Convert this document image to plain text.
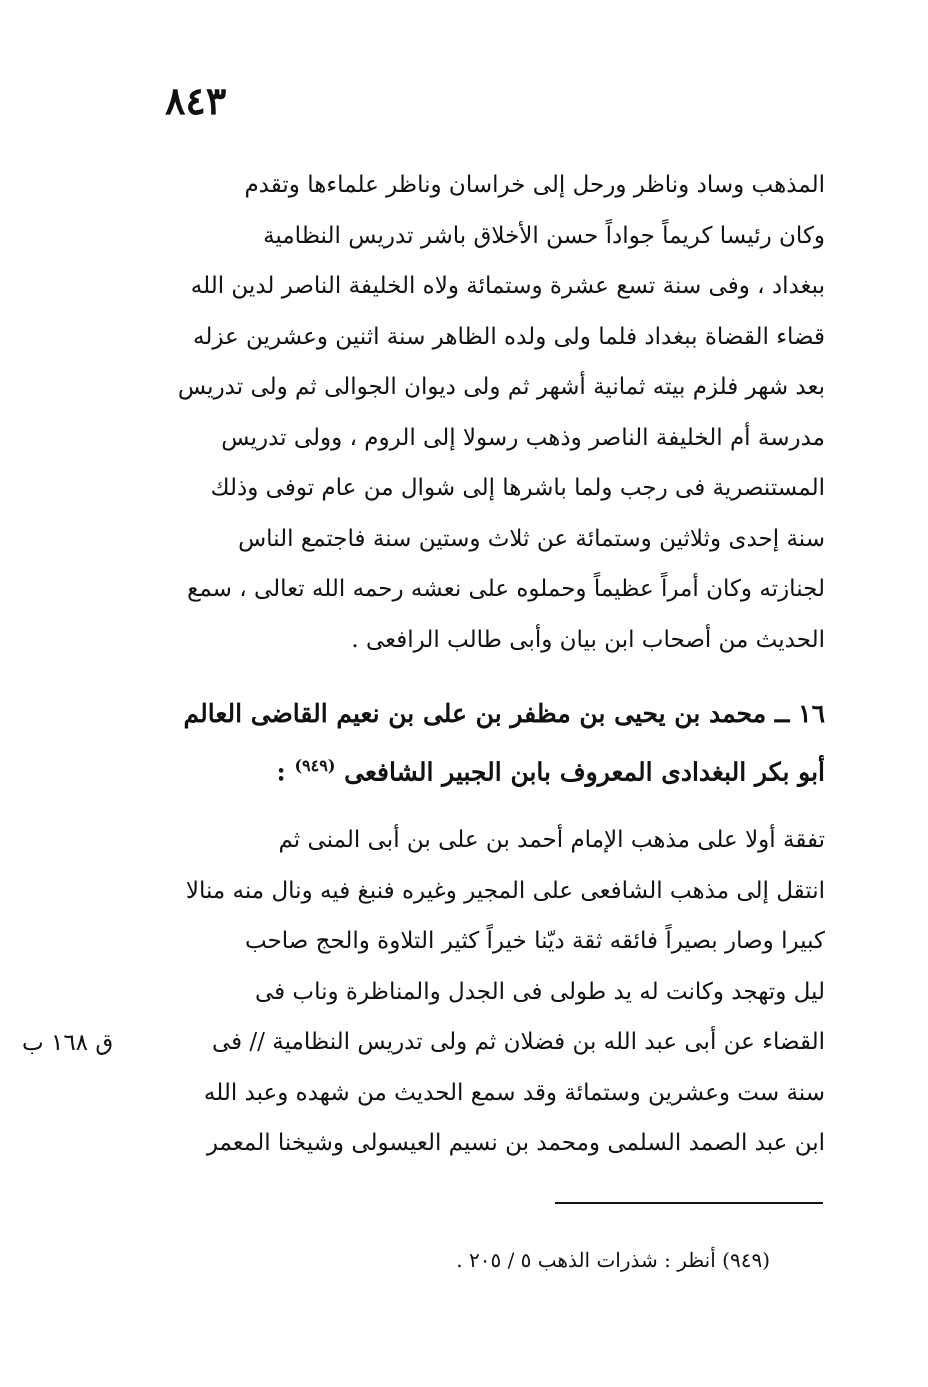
٨٤٣
المذهب وساد وناظر ورحل إلى خراسان وناظر علماءها وتقدم
وكان رئيسا كريماً جواداً حسن الأخلاق باشر تدريس النظامية
ببغداد ، وفى سنة تسع عشرة وستمائة ولاه الخليفة الناصر لدين الله
قضاء القضاة ببغداد فلما ولى ولده الظاهر سنة اثنين وعشرين عزله
بعد شهر فلزم بيته ثمانية أشهر ثم ولى ديوان الجوالى ثم ولى تدريس
مدرسة أم الخليفة الناصر وذهب رسولا إلى الروم ، وولى تدريس
المستنصرية فى رجب ولما باشرها إلى شوال من عام توفى وذلك
سنة إحدى وثلاثين وستمائة عن ثلاث وستين سنة فاجتمع الناس
لجنازته وكان أمراً عظيماً وحملوه على نعشه رحمه الله تعالى ، سمع
الحديث من أصحاب ابن بيان وأبى طالب الرافعى .
١٦ ــ محمد بن يحيى بن مظفر بن على بن نعيم القاضى العالم
أبو بكر البغدادى المعروف بابن الجبير الشافعى $^{(٩٤٩)}$ :
تفقة أولا على مذهب الإمام أحمد بن على بن أبى المنى ثم
انتقل إلى مذهب الشافعى على المجير وغيره فنبغ فيه ونال منه منالا
كبيرا وصار بصيراً فائقه ثقة ديّنا خيراً كثير التلاوة والحج صاحب
ليل وتهجد وكانت له يد طولى فى الجدل والمناظرة وناب فى
القضاء عن أبى عبد الله بن فضلان ثم ولى تدريس النظامية // فى
سنة ست وعشرين وستمائة وقد سمع الحديث من شهده وعبد الله
ابن عبد الصمد السلمى ومحمد بن نسيم العيسولى وشيخنا المعمر
ق ١٦٨ ب
(٩٤٩) أنظر : شذرات الذهب ٥ / ٢٠٥ .
